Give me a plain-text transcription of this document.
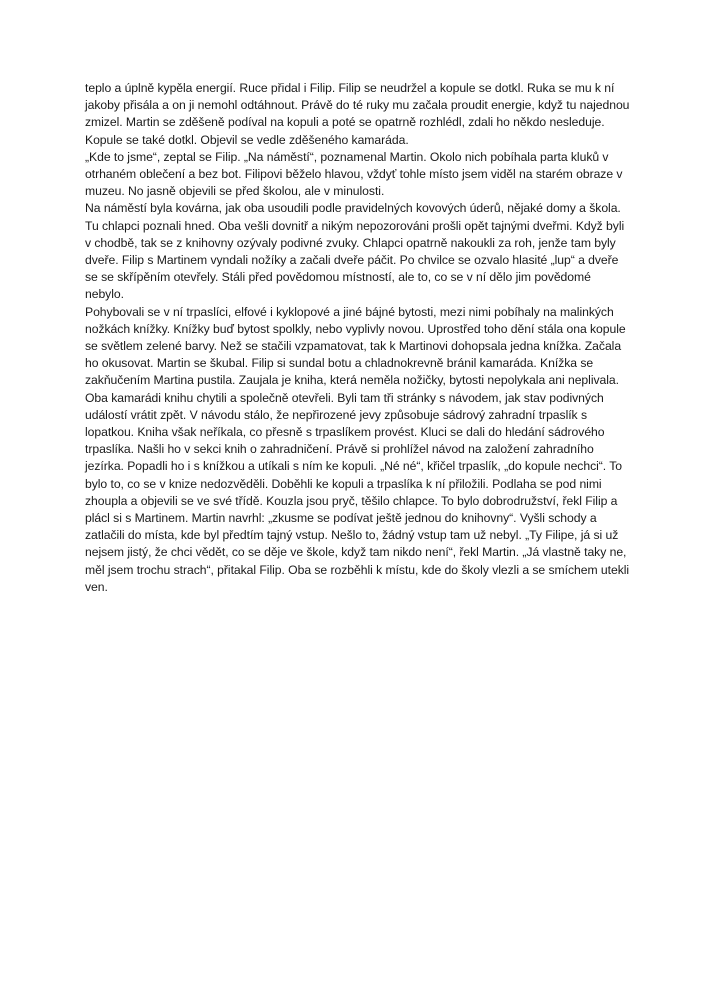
teplo a úplně kypěla energií. Ruce přidal i Filip. Filip se neudržel a kopule se dotkl. Ruka se mu k ní jakoby přisála a on ji nemohl odtáhnout. Právě do té ruky mu začala proudit energie, když tu najednou zmizel. Martin se zděšeně podíval na kopuli a poté se opatrně rozhlédl, zdali ho někdo nesleduje. Kopule se také dotkl. Objevil se vedle zděšeného kamaráda.

„Kde to jsme“, zeptal se Filip. „Na náměstí“, poznamenal Martin. Okolo nich pobíhala parta kluků v otrhaném oblečení a bez bot. Filipovi běželo hlavou, vždyť tohle místo jsem viděl na starém obraze v muzeu. No jasně objevili se před školou, ale v minulosti.

Na náměstí byla kovárna, jak oba usoudili podle pravidelných kovových úderů, nějaké domy a škola. Tu chlapci poznali hned. Oba vešli dovnitř a nikým nepozorováni prošli opět tajnými dveřmi. Když byli v chodbě, tak se z knihovny ozývaly podivné zvuky. Chlapci opatrně nakoukli za roh, jenže tam byly dveře. Filip s Martinem vyndali nožíky a začali dveře páčit. Po chvilce se ozvalo hlasité „lup“ a dveře se se skřípěním otevřely. Stáli před povědomou místností, ale to, co se v ní dělo jim povědomé nebylo.

Pohybovali se v ní trpaslíci, elfové i kyklopové a jiné bájné bytosti, mezi nimi pobíhaly na malinkých nožkách knížky. Knížky buď bytost spolkly, nebo vyplivly novou. Uprostřed toho dění stála ona kopule se světlem zelené barvy. Než se stačili vzpamatovat, tak k Martinovi dohopsala jedna knížka. Začala ho okusovat. Martin se škubal. Filip si sundal botu a chladnokrevně bránil kamaráda. Knížka se zakňučením Martina pustila. Zaujala je kniha, která neměla nožičky, bytosti nepolykala ani neplivala. Oba kamarádi knihu chytili a společně otevřeli. Byli tam tři stránky s návodem, jak stav podivných událostí vrátit zpět. V návodu stálo, že nepřirozené jevy způsobuje sádrový zahradní trpaslík s lopatkou. Kniha však neříkala, co přesně s trpaslíkem provést. Kluci se dali do hledání sádrového trpaslíka. Našli ho v sekci knih o zahradničení. Právě si prohlížel návod na založení zahradního jezírka. Popadli ho i s knížkou a utíkali s ním ke kopuli. „Né né“, křičel trpaslík, „do kopule nechci“. To bylo to, co se v knize nedozvěděli. Doběhli ke kopuli a trpaslíka k ní přiložili. Podlaha se pod nimi zhoupla a objevili se ve své třídě. Kouzla jsou pryč, těšilo chlapce. To bylo dobrodružství, řekl Filip a plácl si s Martinem. Martin navrhl: „zkusme se podívat ještě jednou do knihovny“. Vyšli schody a zatlačili do místa, kde byl předtím tajný vstup. Nešlo to, žádný vstup tam už nebyl. „Ty Filipe, já si už nejsem jistý, že chci vědět, co se děje ve škole, když tam nikdo není“, řekl Martin. „Já vlastně taky ne, měl jsem trochu strach“, přitakal Filip. Oba se rozběhli k místu, kde do školy vlezli a se smíchem utekli ven.
